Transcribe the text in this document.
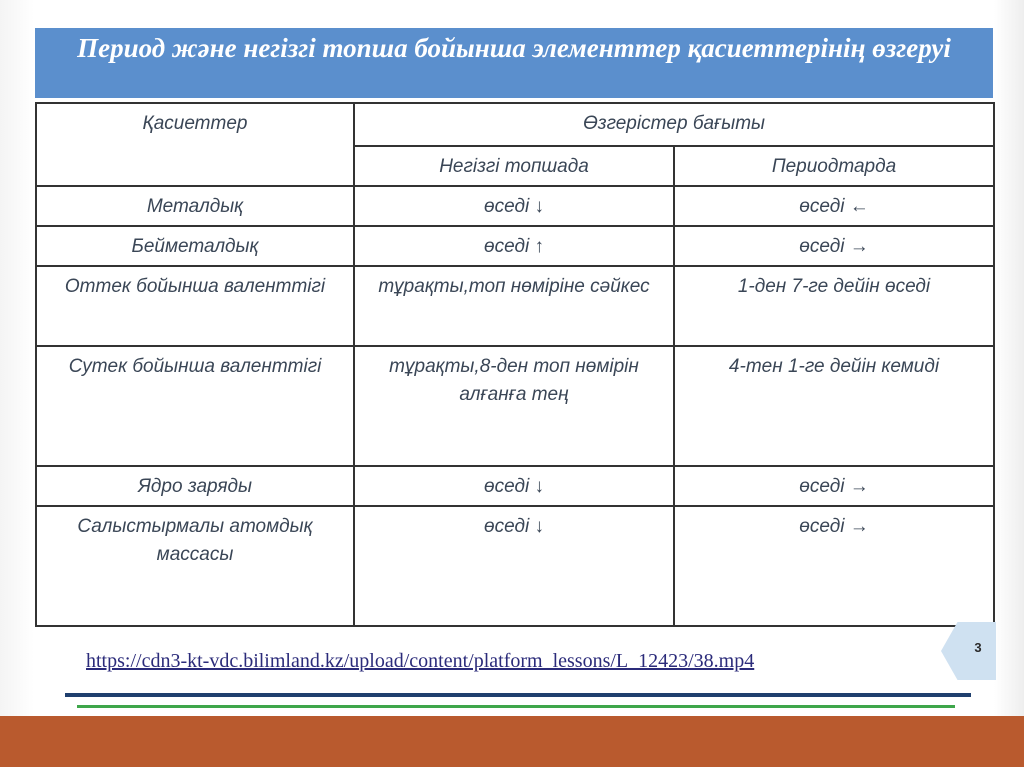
Период және негізгі топша бойынша элементтер қасиеттерінің өзгеруі
Қасиеттер	Өзгерістер бағыты	
	Негізгі топшада	Периодтарда
Металдық	өседі ↓	өседі ←
Бейметалдық	өседі ↑	өседі →
Оттек бойынша валенттігі	тұрақты,топ нөміріне сәйкес	1-ден 7-ге дейін өседі
Сутек бойынша валенттігі	тұрақты,8-ден топ нөмірін алғанға тең	4-тен 1-ге дейін кемиді
Ядро заряды	өседі ↓	өседі →
Салыстырмалы атомдық массасы	өседі ↓	өседі →
3
https://cdn3-kt-vdc.bilimland.kz/upload/content/platform_lessons/L_12423/38.mp4
